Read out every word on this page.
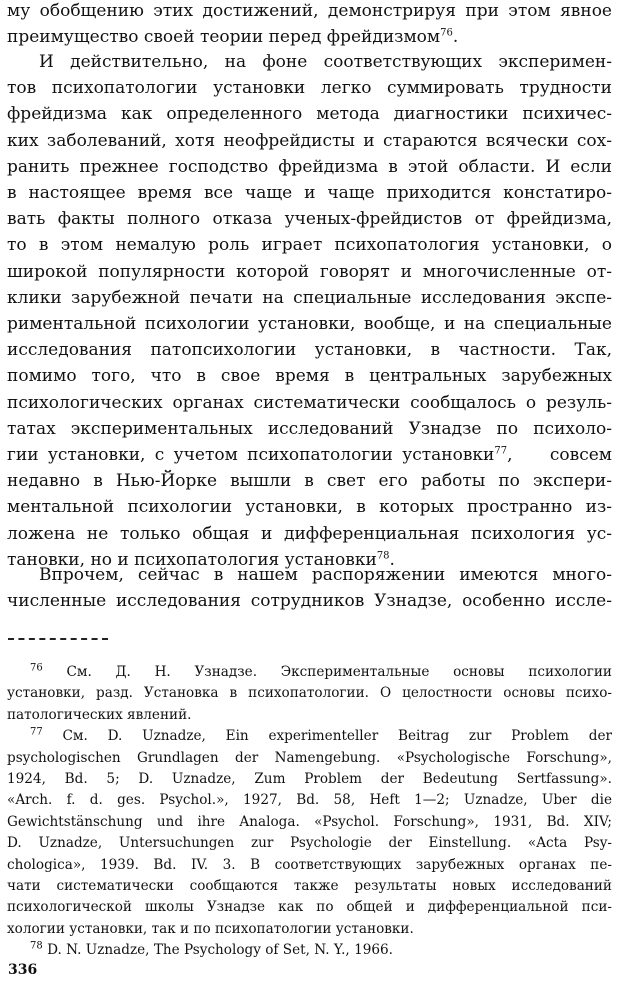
му обобщению этих достижений, демонстрируя при этом явное
преимущество своей теории перед фрейдизмом$^{76}$.
И действительно, на фоне соответствующих эксперимен-
тов психопатологии установки легко суммировать трудности
фрейдизма как определенного метода диагностики психичес-
ких заболеваний, хотя неофрейдисты и стараются всячески сох-
ранить прежнее господство фрейдизма в этой области. И если
в настоящее время все чаще и чаще приходится констатиро-
вать факты полного отказа ученых-фрейдистов от фрейдизма,
то в этом немалую роль играет психопатология установки, о
широкой популярности которой говорят и многочисленные от-
клики зарубежной печати на специальные исследования экспе-
риментальной психологии установки, вообще, и на специальные
исследования патопсихологии установки, в частности. Так,
помимо того, что в свое время в центральных зарубежных
психологических органах систематически сообщалось о резуль-
татах экспериментальных исследований Узнадзе по психоло-
гии установки, с учетом психопатологии установки$^{77}$, совсем
недавно в Нью-Йорке вышли в свет его работы по экспери-
ментальной психологии установки, в которых пространно из-
ложена не только общая и дифференциальная психология ус-
тановки, но и психопатология установки$^{78}$.
Впрочем, сейчас в нашем распоряжении имеются много-
численные исследования сотрудников Узнадзе, особенно иссле-
$^{76}$ См. Д. Н. Узнадзе. Экспериментальные основы психологии
установки, разд. Установка в психопатологии. О целостности основы психо-
патологических явлений.
$^{77}$ См. D. Uznadze, Ein experimenteller Beitrag zur Problem der
psychologischen Grundlagen der Namengebung. «Psychologische Forschung»,
1924, Bd. 5; D. Uznadze, Zum Problem der Bedeutung Sertfassung».
«Arch. f. d. ges. Psychol.», 1927, Bd. 58, Heft 1—2; Uznadze, Uber die
Gewichtstänschung und ihre Analoga. «Psychol. Forschung», 1931, Bd. XIV;
D. Uznadze, Untersuchungen zur Psychologie der Einstellung. «Acta Psy-
chologica», 1939. Bd. IV. 3. В соответствующих зарубежных органах пе-
чати систематически сообщаются также результаты новых исследований
психологической школы Узнадзе как по общей и дифференциальной пси-
хологии установки, так и по психопатологии установки.
$^{78}$ D. N. Uznadze, The Psychology of Set, N. Y., 1966.
336
